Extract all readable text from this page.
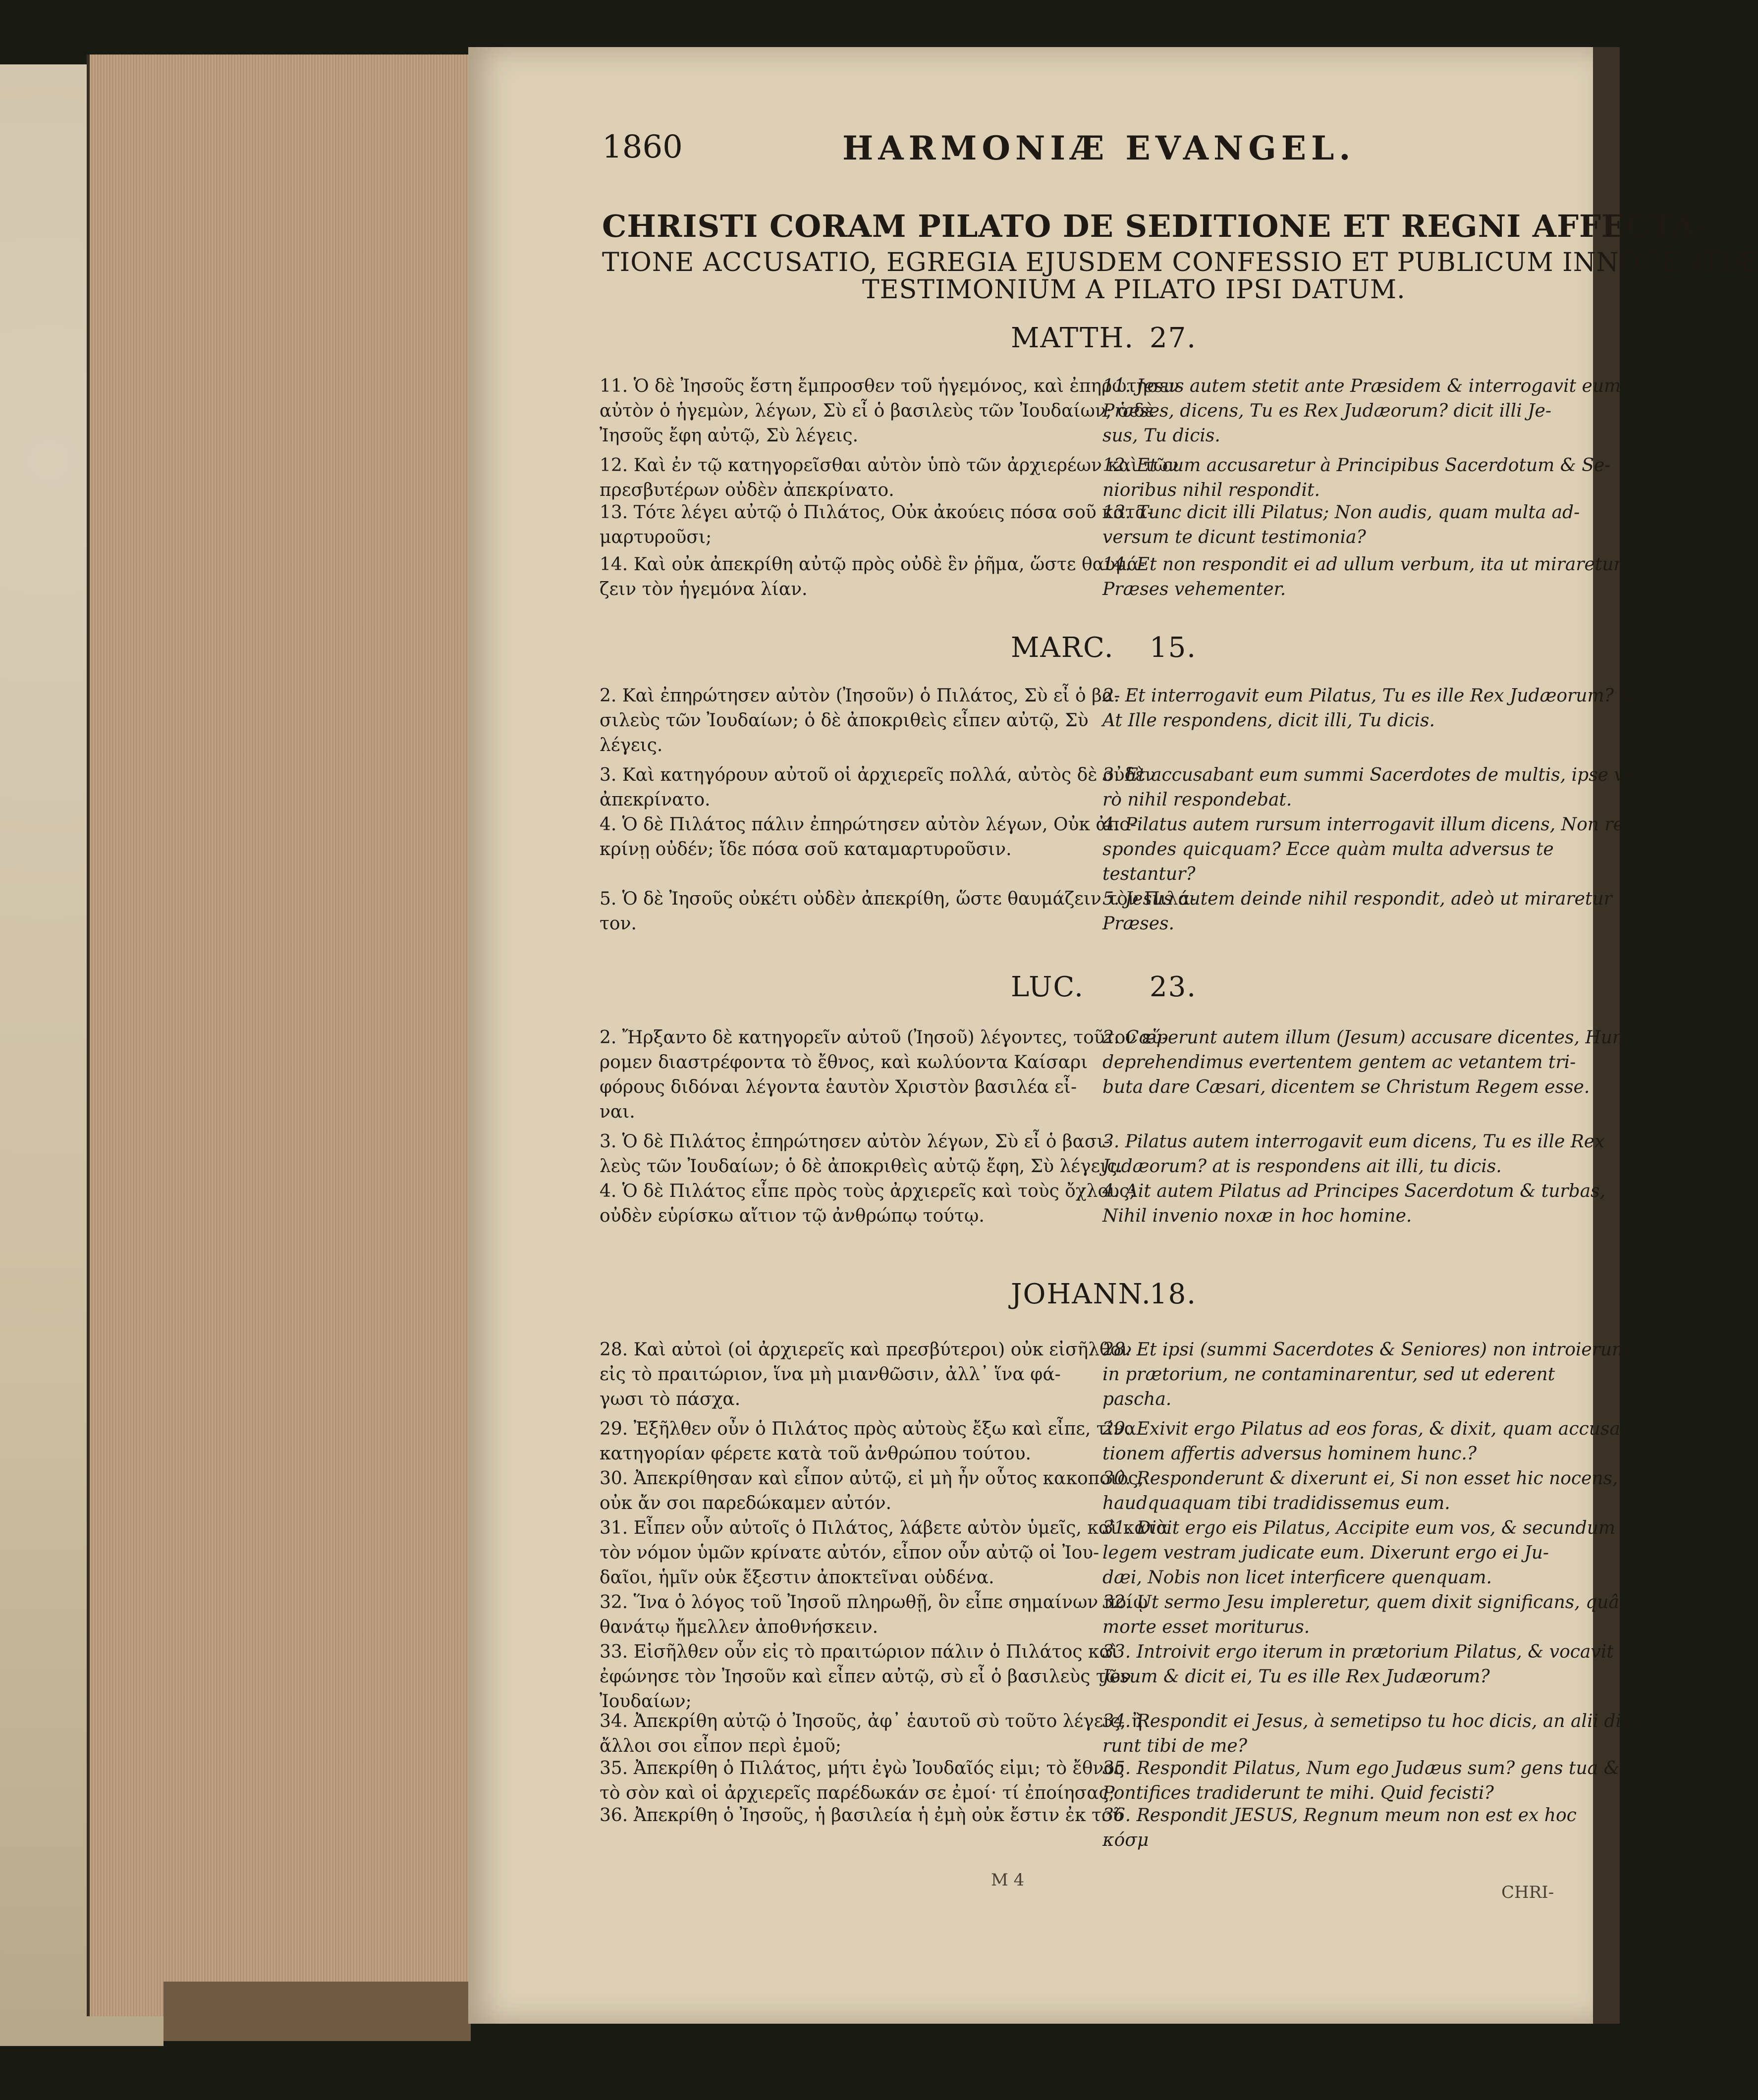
1860	HARMONIÆ EVANGEL.
CHRISTI CORAM PILATO DE SEDITIONE ET REGNI AFFECTA-
TIONE ACCUSATIO, EGREGIA EJUSDEM CONFESSIO ET PUBLICUM INNOCENTIÆ
TESTIMONIUM A PILATO IPSI DATUM.
MATTH. 27.
11. Ὁ δὲ Ἰησοῦς ἔστη ἔμπροσθεν τοῦ ἡγεμόνος, καὶ ἐπηρώτησεν
αὐτὸν ὁ ἡγεμὼν, λέγων, Σὺ εἶ ὁ βασιλεὺς τῶν Ἰουδαίων; ὁ δὲ
Ἰησοῦς ἔφη αὐτῷ, Σὺ λέγεις.
11. Jesus autem stetit ante Præsidem & interrogavit eum
Præses, dicens, Tu es Rex Judæorum? dicit illi Je-
sus, Tu dicis.
12. Καὶ ἐν τῷ κατηγορεῖσθαι αὐτὸν ὑπὸ τῶν ἀρχιερέων καὶ τῶν
πρεσβυτέρων οὐδὲν ἀπεκρίνατο.
12. Et cum accusaretur à Principibus Sacerdotum & Se-
nioribus nihil respondit.
13. Τότε λέγει αὐτῷ ὁ Πιλάτος, Οὐκ ἀκούεις πόσα σοῦ κατα-
μαρτυροῦσι;
13. Tunc dicit illi Pilatus; Non audis, quam multa ad-
versum te dicunt testimonia?
14. Καὶ οὐκ ἀπεκρίθη αὐτῷ πρὸς οὐδὲ ἓν ῥῆμα, ὥστε θαυμά-
ζειν τὸν ἡγεμόνα λίαν.
14. Et non respondit ei ad ullum verbum, ita ut miraretur
Præses vehementer.
MARC. 15.
2. Καὶ ἐπηρώτησεν αὐτὸν (Ἰησοῦν) ὁ Πιλάτος, Σὺ εἶ ὁ βα-
σιλεὺς τῶν Ἰουδαίων; ὁ δὲ ἀποκριθεὶς εἶπεν αὐτῷ, Σὺ
λέγεις.
2. Et interrogavit eum Pilatus, Tu es ille Rex Judæorum? &
At Ille respondens, dicit illi, Tu dicis.
3. Καὶ κατηγόρουν αὐτοῦ οἱ ἀρχιερεῖς πολλά, αὐτὸς δὲ οὐδὲν
ἀπεκρίνατο.
3. Et accusabant eum summi Sacerdotes de multis, ipse ve-
rò nihil respondebat.
4. Ὁ δὲ Πιλάτος πάλιν ἐπηρώτησεν αὐτὸν λέγων, Οὐκ ἀπο-
κρίνῃ οὐδέν; ἴδε πόσα σοῦ καταμαρτυροῦσιν.
4. Pilatus autem rursum interrogavit illum dicens, Non re-
spondes quicquam? Ecce quàm multa adversus te
testantur?
5. Ὁ δὲ Ἰησοῦς οὐκέτι οὐδὲν ἀπεκρίθη, ὥστε θαυμάζειν τὸν Πιλά-
τον.
5. Jesus autem deinde nihil respondit, adeò ut miraretur
Præses.
LUC. 23.
2. Ἤρξαντο δὲ κατηγορεῖν αὐτοῦ (Ἰησοῦ) λέγοντες, τοῦτον εὕ-
ρομεν διαστρέφοντα τὸ ἔθνος, καὶ κωλύοντα Καίσαρι
φόρους διδόναι λέγοντα ἑαυτὸν Χριστὸν βασιλέα εἶ-
ναι.
2. Cœperunt autem illum (Jesum) accusare dicentes, Hunc
deprehendimus evertentem gentem ac vetantem tri-
buta dare Cæsari, dicentem se Christum Regem esse.
3. Ὁ δὲ Πιλάτος ἐπηρώτησεν αὐτὸν λέγων, Σὺ εἶ ὁ βασι-
λεὺς τῶν Ἰουδαίων; ὁ δὲ ἀποκριθεὶς αὐτῷ ἔφη, Σὺ λέγεις.
3. Pilatus autem interrogavit eum dicens, Tu es ille Rex
Judæorum? at is respondens ait illi, tu dicis.
4. Ὁ δὲ Πιλάτος εἶπε πρὸς τοὺς ἀρχιερεῖς καὶ τοὺς ὄχλους;
οὐδὲν εὑρίσκω αἴτιον τῷ ἀνθρώπῳ τούτῳ.
4. Ait autem Pilatus ad Principes Sacerdotum & turbas,
Nihil invenio noxæ in hoc homine.
JOHANN.
18.
28. Καὶ αὐτοὶ (οἱ ἀρχιερεῖς καὶ πρεσβύτεροι) οὐκ εἰσῆλθον
εἰς τὸ πραιτώριον, ἵνα μὴ μιανθῶσιν, ἀλλ᾽ ἵνα φά-
γωσι τὸ πάσχα.
28. Et ipsi (summi Sacerdotes & Seniores) non introierunt
in prætorium, ne contaminarentur, sed ut ederent
pascha.
29. Ἐξῆλθεν οὖν ὁ Πιλάτος πρὸς αὐτοὺς ἔξω καὶ εἶπε, τίνα
κατηγορίαν φέρετε κατὰ τοῦ ἀνθρώπου τούτου.
29. Exivit ergo Pilatus ad eos foras, & dixit, quam accusa-
tionem affertis adversus hominem hunc.?
30. Ἀπεκρίθησαν καὶ εἶπον αὐτῷ, εἰ μὴ ἦν οὗτος κακοποιὸς,
οὐκ ἄν σοι παρεδώκαμεν αὐτόν.
30. Responderunt & dixerunt ei, Si non esset hic nocens,
haudquaquam tibi tradidissemus eum.
31. Εἶπεν οὖν αὐτοῖς ὁ Πιλάτος, λάβετε αὐτὸν ὑμεῖς, καὶ κατὰ
τὸν νόμον ὑμῶν κρίνατε αὐτόν, εἶπον οὖν αὐτῷ οἱ Ἰου-
δαῖοι, ἡμῖν οὐκ ἔξεστιν ἀποκτεῖναι οὐδένα.
31. Dicit ergo eis Pilatus, Accipite eum vos, & secundum
legem vestram judicate eum. Dixerunt ergo ei Ju-
dæi, Nobis non licet interficere quenquam.
32. Ἵνα ὁ λόγος τοῦ Ἰησοῦ πληρωθῇ, ὃν εἶπε σημαίνων ποίῳ
θανάτῳ ἤμελλεν ἀποθνήσκειν.
32. Ut sermo Jesu impleretur, quem dixit significans, quâ
morte esset moriturus.
33. Εἰσῆλθεν οὖν εἰς τὸ πραιτώριον πάλιν ὁ Πιλάτος καὶ
ἐφώνησε τὸν Ἰησοῦν καὶ εἶπεν αὐτῷ, σὺ εἶ ὁ βασιλεὺς τῶν
Ἰουδαίων;
33. Introivit ergo iterum in prætorium Pilatus, & vocavit
Jesum & dicit ei, Tu es ille Rex Judæorum?
34. Ἀπεκρίθη αὐτῷ ὁ Ἰησοῦς, ἀφ᾽ ἑαυτοῦ σὺ τοῦτο λέγεις, ἢ
ἄλλοι σοι εἶπον περὶ ἐμοῦ;
34. Respondit ei Jesus, à semetipso tu hoc dicis, an alii dixe-
runt tibi de me?
35. Ἀπεκρίθη ὁ Πιλάτος, μήτι ἐγὼ Ἰουδαῖός εἰμι; τὸ ἔθνος
τὸ σὸν καὶ οἱ ἀρχιερεῖς παρέδωκάν σε ἐμοί· τί ἐποίησας;
35. Respondit Pilatus, Num ego Judæus sum? gens tua &
Pontifices tradiderunt te mihi. Quid fecisti?
36. Ἀπεκρίθη ὁ Ἰησοῦς, ἡ βασιλεία ἡ ἐμὴ οὐκ ἔστιν ἐκ τοῦ
36. Respondit JESUS, Regnum meum non est ex hoc
κόσμ
M 4
CHRI-
